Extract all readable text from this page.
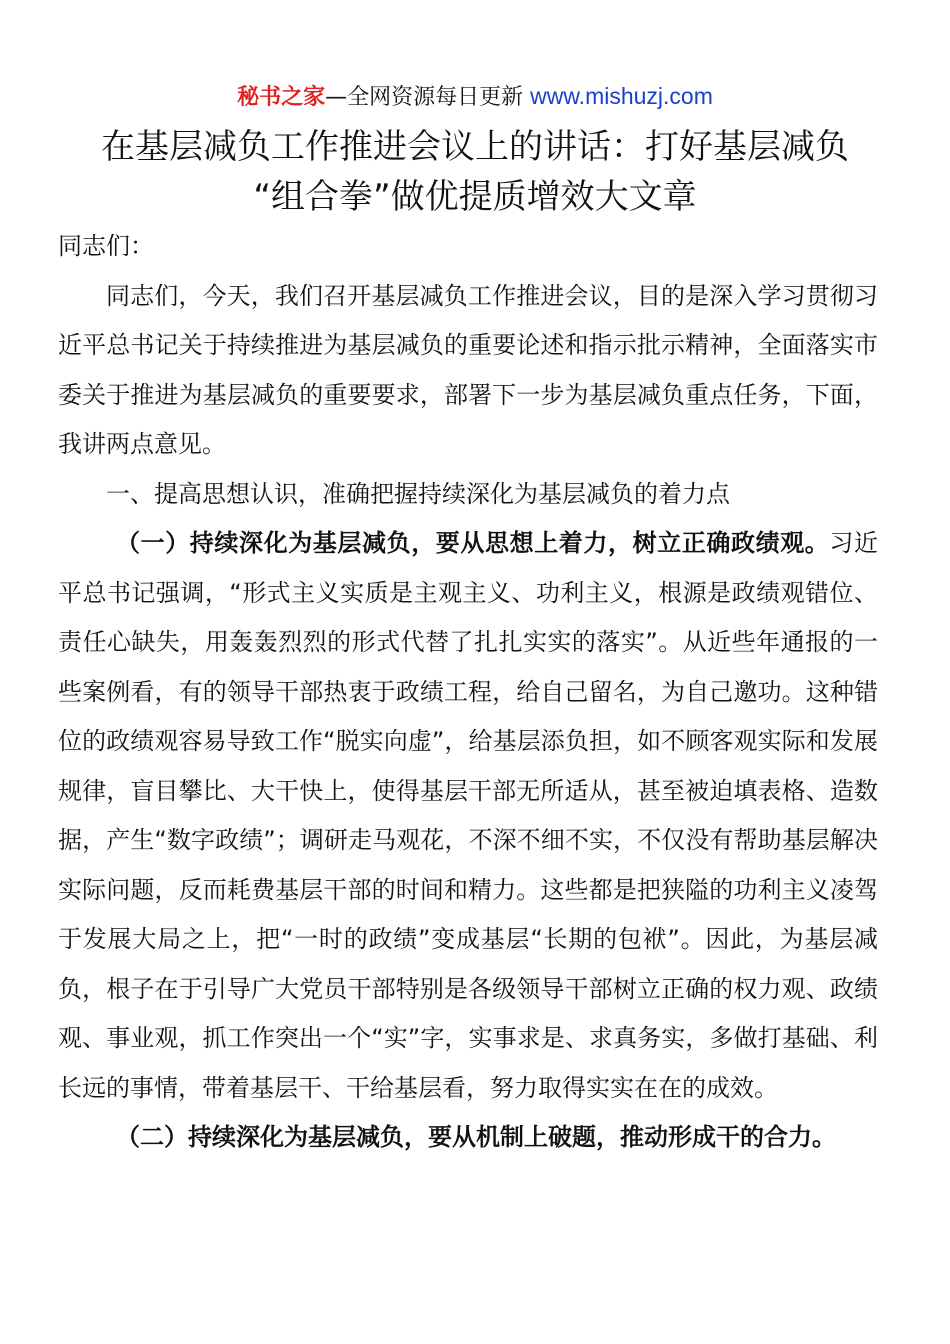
秘书之家—全网资源每日更新 www.mishuzj.com
在基层减负工作推进会议上的讲话：打好基层减负
“组合拳”做优提质增效大文章

同志们：

同志们，今天，我们召开基层减负工作推进会议，目的是深入学习贯彻习近平总书记关于持续推进为基层减负的重要论述和指示批示精神，全面落实市委关于推进为基层减负的重要要求，部署下一步为基层减负重点任务，下面，我讲两点意见。

一、提高思想认识，准确把握持续深化为基层减负的着力点

（一）持续深化为基层减负，要从思想上着力，树立正确政绩观。习近平总书记强调，“形式主义实质是主观主义、功利主义，根源是政绩观错位、责任心缺失，用轰轰烈烈的形式代替了扎扎实实的落实”。从近些年通报的一些案例看，有的领导干部热衷于政绩工程，给自己留名，为自己邀功。这种错位的政绩观容易导致工作“脱实向虚”，给基层添负担，如不顾客观实际和发展规律，盲目攀比、大干快上，使得基层干部无所适从，甚至被迫填表格、造数据，产生“数字政绩”；调研走马观花，不深不细不实，不仅没有帮助基层解决实际问题，反而耗费基层干部的时间和精力。这些都是把狭隘的功利主义凌驾于发展大局之上，把“一时的政绩”变成基层“长期的包袱”。因此，为基层减负，根子在于引导广大党员干部特别是各级领导干部树立正确的权力观、政绩观、事业观，抓工作突出一个“实”字，实事求是、求真务实，多做打基础、利长远的事情，带着基层干、干给基层看，努力取得实实在在的成效。

（二）持续深化为基层减负，要从机制上破题，推动形成干的合力。
